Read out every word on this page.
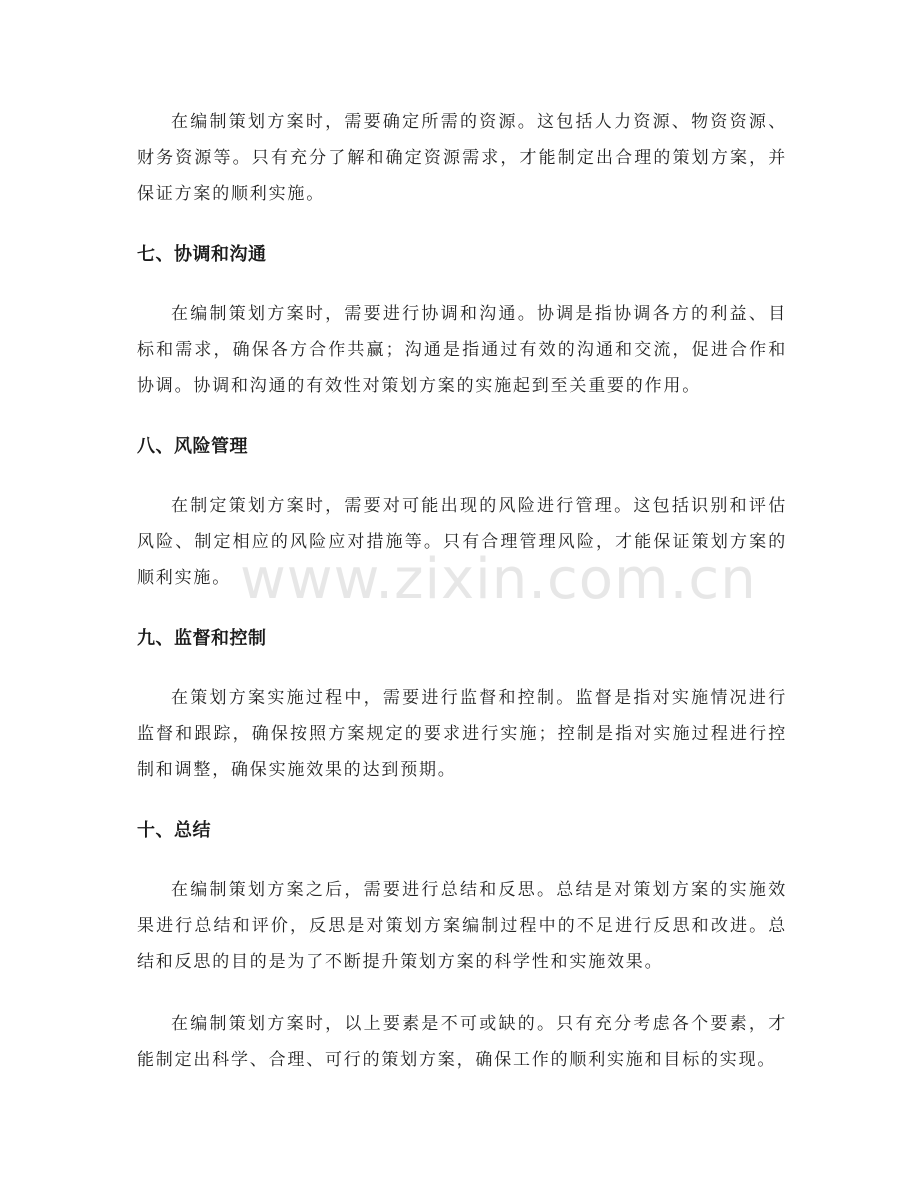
在编制策划方案时，需要确定所需的资源。这包括人力资源、物资资源、财务资源等。只有充分了解和确定资源需求，才能制定出合理的策划方案，并保证方案的顺利实施。

七、协调和沟通

在编制策划方案时，需要进行协调和沟通。协调是指协调各方的利益、目标和需求，确保各方合作共赢；沟通是指通过有效的沟通和交流，促进合作和协调。协调和沟通的有效性对策划方案的实施起到至关重要的作用。

八、风险管理

在制定策划方案时，需要对可能出现的风险进行管理。这包括识别和评估风险、制定相应的风险应对措施等。只有合理管理风险，才能保证策划方案的顺利实施。

九、监督和控制

在策划方案实施过程中，需要进行监督和控制。监督是指对实施情况进行监督和跟踪，确保按照方案规定的要求进行实施；控制是指对实施过程进行控制和调整，确保实施效果的达到预期。

十、总结

在编制策划方案之后，需要进行总结和反思。总结是对策划方案的实施效果进行总结和评价，反思是对策划方案编制过程中的不足进行反思和改进。总结和反思的目的是为了不断提升策划方案的科学性和实施效果。

在编制策划方案时，以上要素是不可或缺的。只有充分考虑各个要素，才能制定出科学、合理、可行的策划方案，确保工作的顺利实施和目标的实现。

www.zixin.com.cn
